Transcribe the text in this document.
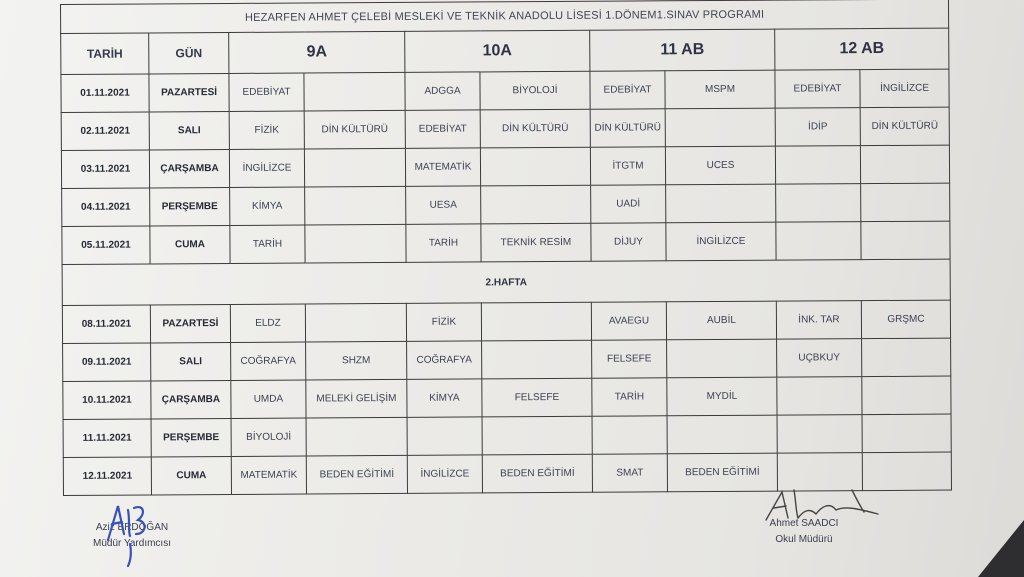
HEZARFEN AHMET ÇELEBİ MESLEKİ VE TEKNİK ANADOLU LİSESİ 1.DÖNEM1.SINAV PROGRAMI									
TARİH	GÜN	9A		10A		11 AB		12 AB	
01.11.2021	PAZARTESİ	EDEBİYAT		ADGGA	BİYOLOJİ	EDEBİYAT	MSPM	EDEBİYAT	İNGİLİZCE
02.11.2021	SALI	FİZİK	DİN KÜLTÜRÜ	EDEBİYAT	DİN KÜLTÜRÜ	DİN KÜLTÜRÜ		İDİP	DİN KÜLTÜRÜ
03.11.2021	ÇARŞAMBA	İNGİLİZCE		MATEMATİK		İTGTM	UCES		
04.11.2021	PERŞEMBE	KİMYA		UESA		UADİ			
05.11.2021	CUMA	TARİH		TARİH	TEKNİK RESİM	DİJUY	İNGİLİZCE		
2.HAFTA									
08.11.2021	PAZARTESİ	ELDZ		FİZİK		AVAEGU	AUBİL	İNK. TAR	GRŞMC
09.11.2021	SALI	COĞRAFYA	SHZM	COĞRAFYA		FELSEFE		UÇBKUY	
10.11.2021	ÇARŞAMBA	UMDA	MELEKİ GELİŞİM	KİMYA	FELSEFE	TARİH	MYDİL		
11.11.2021	PERŞEMBE	BİYOLOJİ							
12.11.2021	CUMA	MATEMATİK	BEDEN EĞİTİMİ	İNGİLİZCE	BEDEN EĞİTİMİ	SMAT	BEDEN EĞİTİMİ		
Aziz ERDOĞAN
Müdür Yardımcısı
Ahmet SAADCI
Okul Müdürü
